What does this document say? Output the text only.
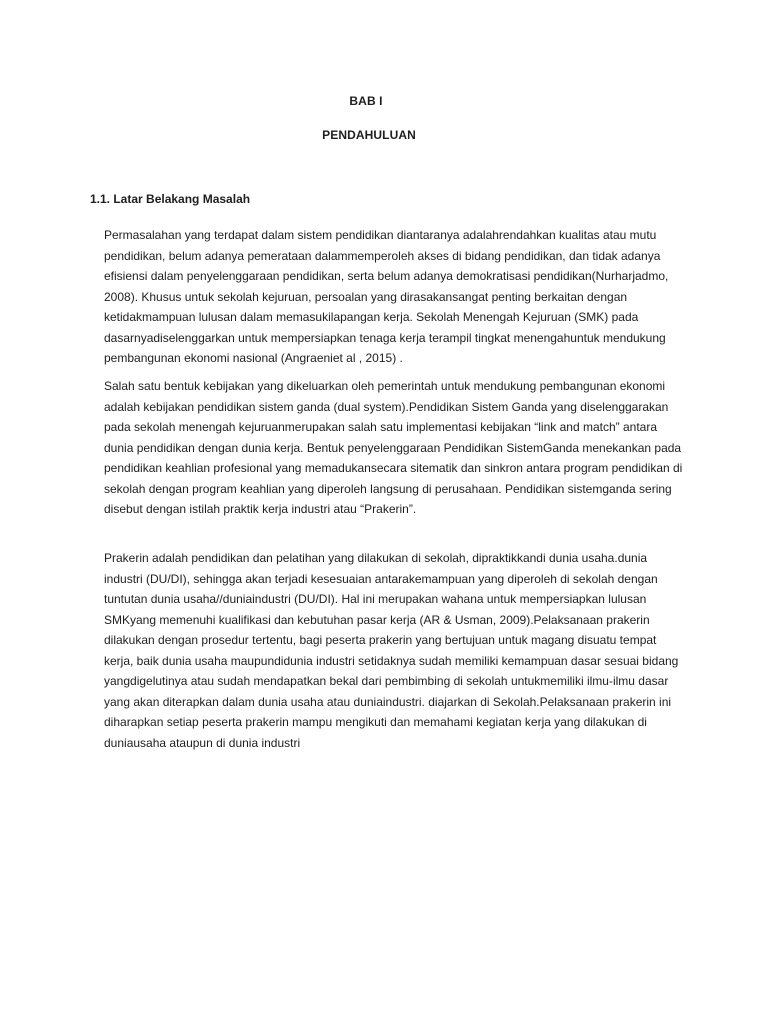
BAB I
PENDAHULUAN
1.1. Latar Belakang Masalah

Permasalahan yang terdapat dalam sistem pendidikan diantaranya adalahrendahkan kualitas atau mutu pendidikan, belum adanya pemerataan dalammemperoleh akses di bidang pendidikan, dan tidak adanya efisiensi dalam penyelenggaraan pendidikan, serta belum adanya demokratisasi pendidikan(Nurharjadmo, 2008). Khusus untuk sekolah kejuruan, persoalan yang dirasakansangat penting berkaitan dengan ketidakmampuan lulusan dalam memasukilapangan kerja. Sekolah Menengah Kejuruan (SMK) pada dasarnyadiselenggarkan untuk mempersiapkan tenaga kerja terampil tingkat menengahuntuk mendukung pembangunan ekonomi nasional (Angraeniet al , 2015) .

Salah satu bentuk kebijakan yang dikeluarkan oleh pemerintah untuk mendukung pembangunan ekonomi adalah kebijakan pendidikan sistem ganda (dual system).Pendidikan Sistem Ganda yang diselenggarakan pada sekolah menengah kejuruanmerupakan salah satu implementasi kebijakan “link and match” antara dunia pendidikan dengan dunia kerja. Bentuk penyelenggaraan Pendidikan SistemGanda menekankan pada pendidikan keahlian profesional yang memadukansecara sitematik dan sinkron antara program pendidikan di sekolah dengan program keahlian yang diperoleh langsung di perusahaan. Pendidikan sistemganda sering disebut dengan istilah praktik kerja industri atau “Prakerin”.

Prakerin adalah pendidikan dan pelatihan yang dilakukan di sekolah, dipraktikkandi dunia usaha.dunia industri (DU/DI), sehingga akan terjadi kesesuaian antarakemampuan yang diperoleh di sekolah dengan tuntutan dunia usaha//duniaindustri (DU/DI). Hal ini merupakan wahana untuk mempersiapkan lulusan SMKyang memenuhi kualifikasi dan kebutuhan pasar kerja (AR & Usman, 2009).Pelaksanaan prakerin dilakukan dengan prosedur tertentu, bagi peserta prakerin yang bertujuan untuk magang disuatu tempat kerja, baik dunia usaha maupundidunia industri setidaknya sudah memiliki kemampuan dasar sesuai bidang yangdigelutinya atau sudah mendapatkan bekal dari pembimbing di sekolah untukmemiliki ilmu-ilmu dasar yang akan diterapkan dalam dunia usaha atau duniaindustri. diajarkan di Sekolah.Pelaksanaan prakerin ini diharapkan setiap peserta prakerin mampu mengikuti dan memahami kegiatan kerja yang dilakukan di duniausaha ataupun di dunia industri
